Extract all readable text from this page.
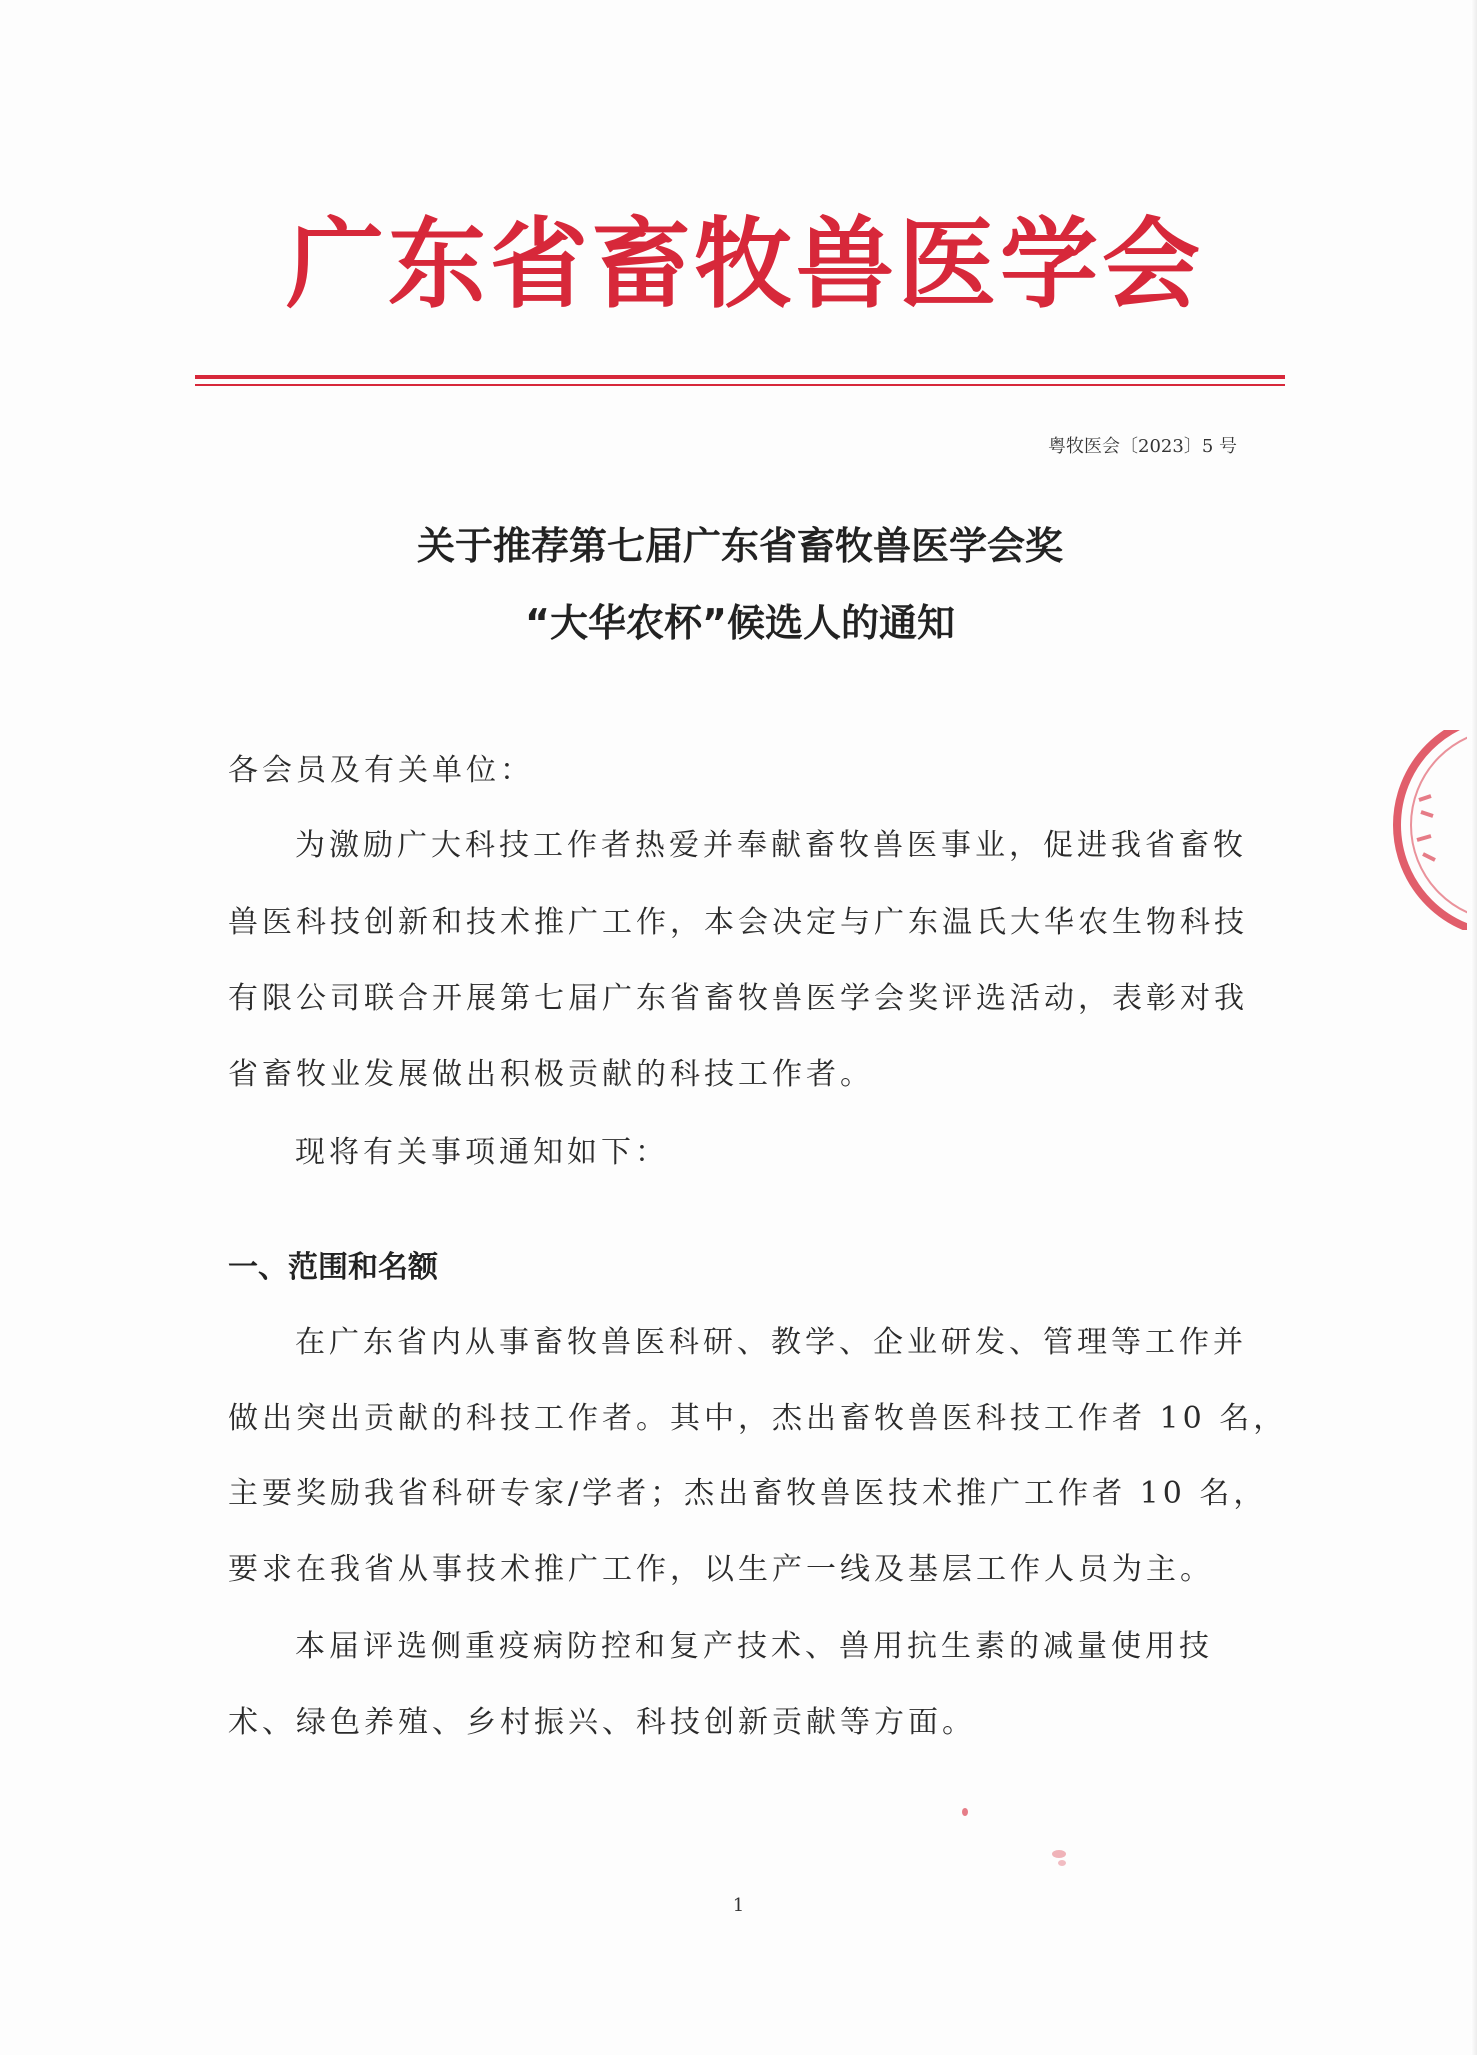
广东省畜牧兽医学会
粤牧医会〔2023〕5 号
关于推荐第七届广东省畜牧兽医学会奖
“大华农杯”候选人的通知
各会员及有关单位：
为激励广大科技工作者热爱并奉献畜牧兽医事业，促进我省畜牧
兽医科技创新和技术推广工作，本会决定与广东温氏大华农生物科技
有限公司联合开展第七届广东省畜牧兽医学会奖评选活动，表彰对我
省畜牧业发展做出积极贡献的科技工作者。
现将有关事项通知如下：
一、范围和名额
在广东省内从事畜牧兽医科研、教学、企业研发、管理等工作并
做出突出贡献的科技工作者。其中，杰出畜牧兽医科技工作者 10 名，
主要奖励我省科研专家/学者；杰出畜牧兽医技术推广工作者 10 名，
要求在我省从事技术推广工作，以生产一线及基层工作人员为主。
本届评选侧重疫病防控和复产技术、兽用抗生素的减量使用技
术、绿色养殖、乡村振兴、科技创新贡献等方面。
1
